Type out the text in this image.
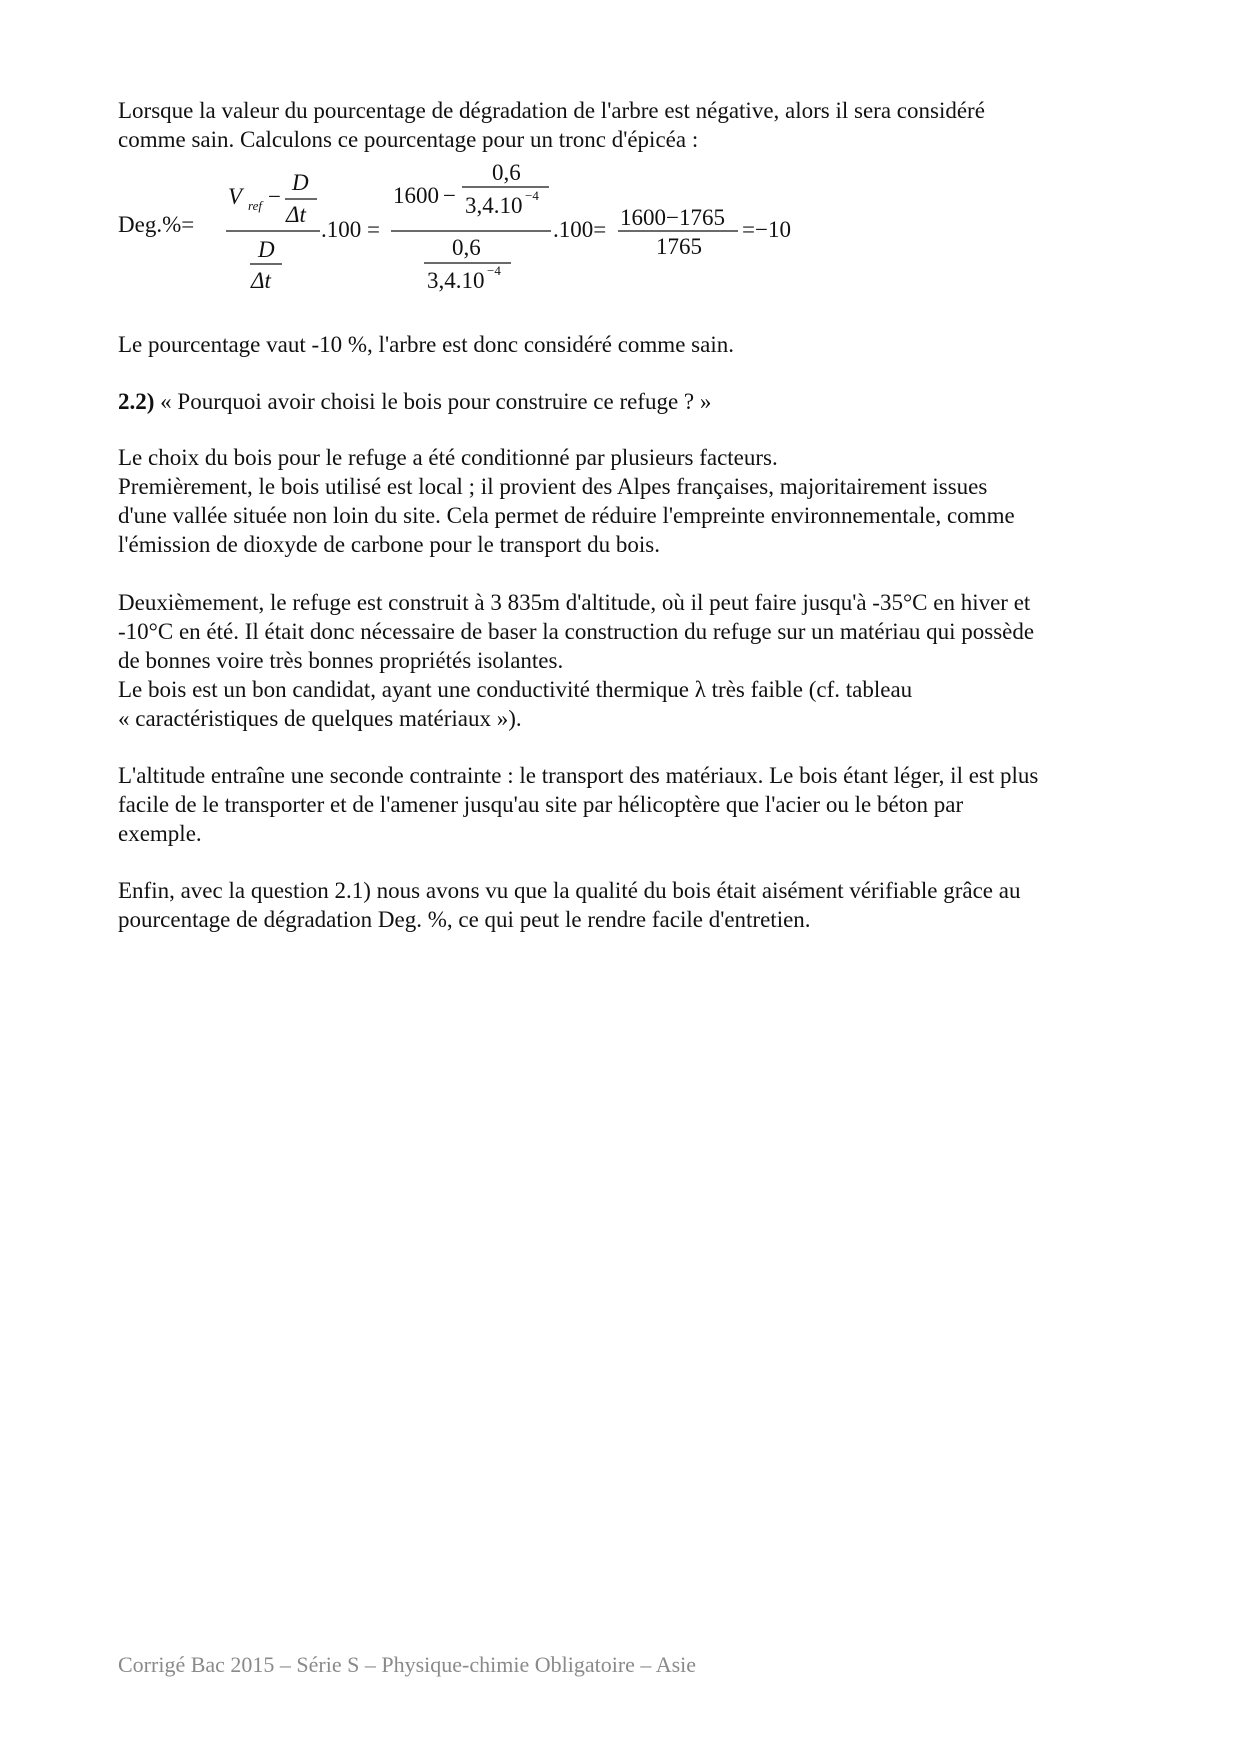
Lorsque la valeur du pourcentage de dégradation de l'arbre est négative, alors il sera considéré
comme sain. Calculons ce pourcentage pour un tronc d'épicéa :

Deg.%=
V ref −
D
Δt
D
Δt
.100 =
1600 −
0,6
3,4.10 −4
0,6
3,4.10 −4
.100= 1600−1765
1765
=−10

Le pourcentage vaut -10 %, l'arbre est donc considéré comme sain.

2.2) « Pourquoi avoir choisi le bois pour construire ce refuge ? »

Le choix du bois pour le refuge a été conditionné par plusieurs facteurs.
Premièrement, le bois utilisé est local ; il provient des Alpes françaises, majoritairement issues
d'une vallée située non loin du site. Cela permet de réduire l'empreinte environnementale, comme
l'émission de dioxyde de carbone pour le transport du bois.

Deuxièmement, le refuge est construit à 3 835m d'altitude, où il peut faire jusqu'à -35°C en hiver et
-10°C en été. Il était donc nécessaire de baser la construction du refuge sur un matériau qui possède
de bonnes voire très bonnes propriétés isolantes.
Le bois est un bon candidat, ayant une conductivité thermique λ très faible (cf. tableau
« caractéristiques de quelques matériaux »).

L'altitude entraîne une seconde contrainte : le transport des matériaux. Le bois étant léger, il est plus
facile de le transporter et de l'amener jusqu'au site par hélicoptère que l'acier ou le béton par
exemple.

Enfin, avec la question 2.1) nous avons vu que la qualité du bois était aisément vérifiable grâce au
pourcentage de dégradation Deg. %, ce qui peut le rendre facile d'entretien.

Corrigé Bac 2015 – Série S – Physique-chimie Obligatoire – Asie
